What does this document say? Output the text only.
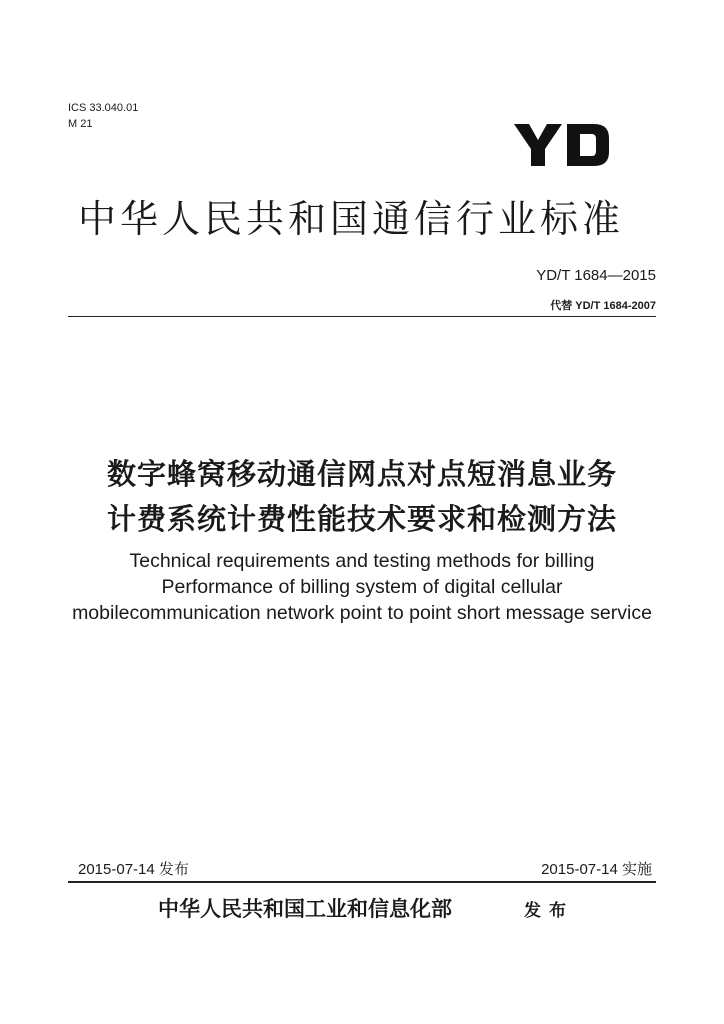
ICS 33.040.01
M 21
中华人民共和国通信行业标准
YD/T 1684—2015
代替 YD/T 1684-2007
数字蜂窝移动通信网点对点短消息业务
计费系统计费性能技术要求和检测方法
Technical requirements and testing methods for billing
Performance of billing system of digital cellular
mobilecommunication network point to point short message service
2015-07-14 发布	2015-07-14 实施
中华人民共和国工业和信息化部	发布
